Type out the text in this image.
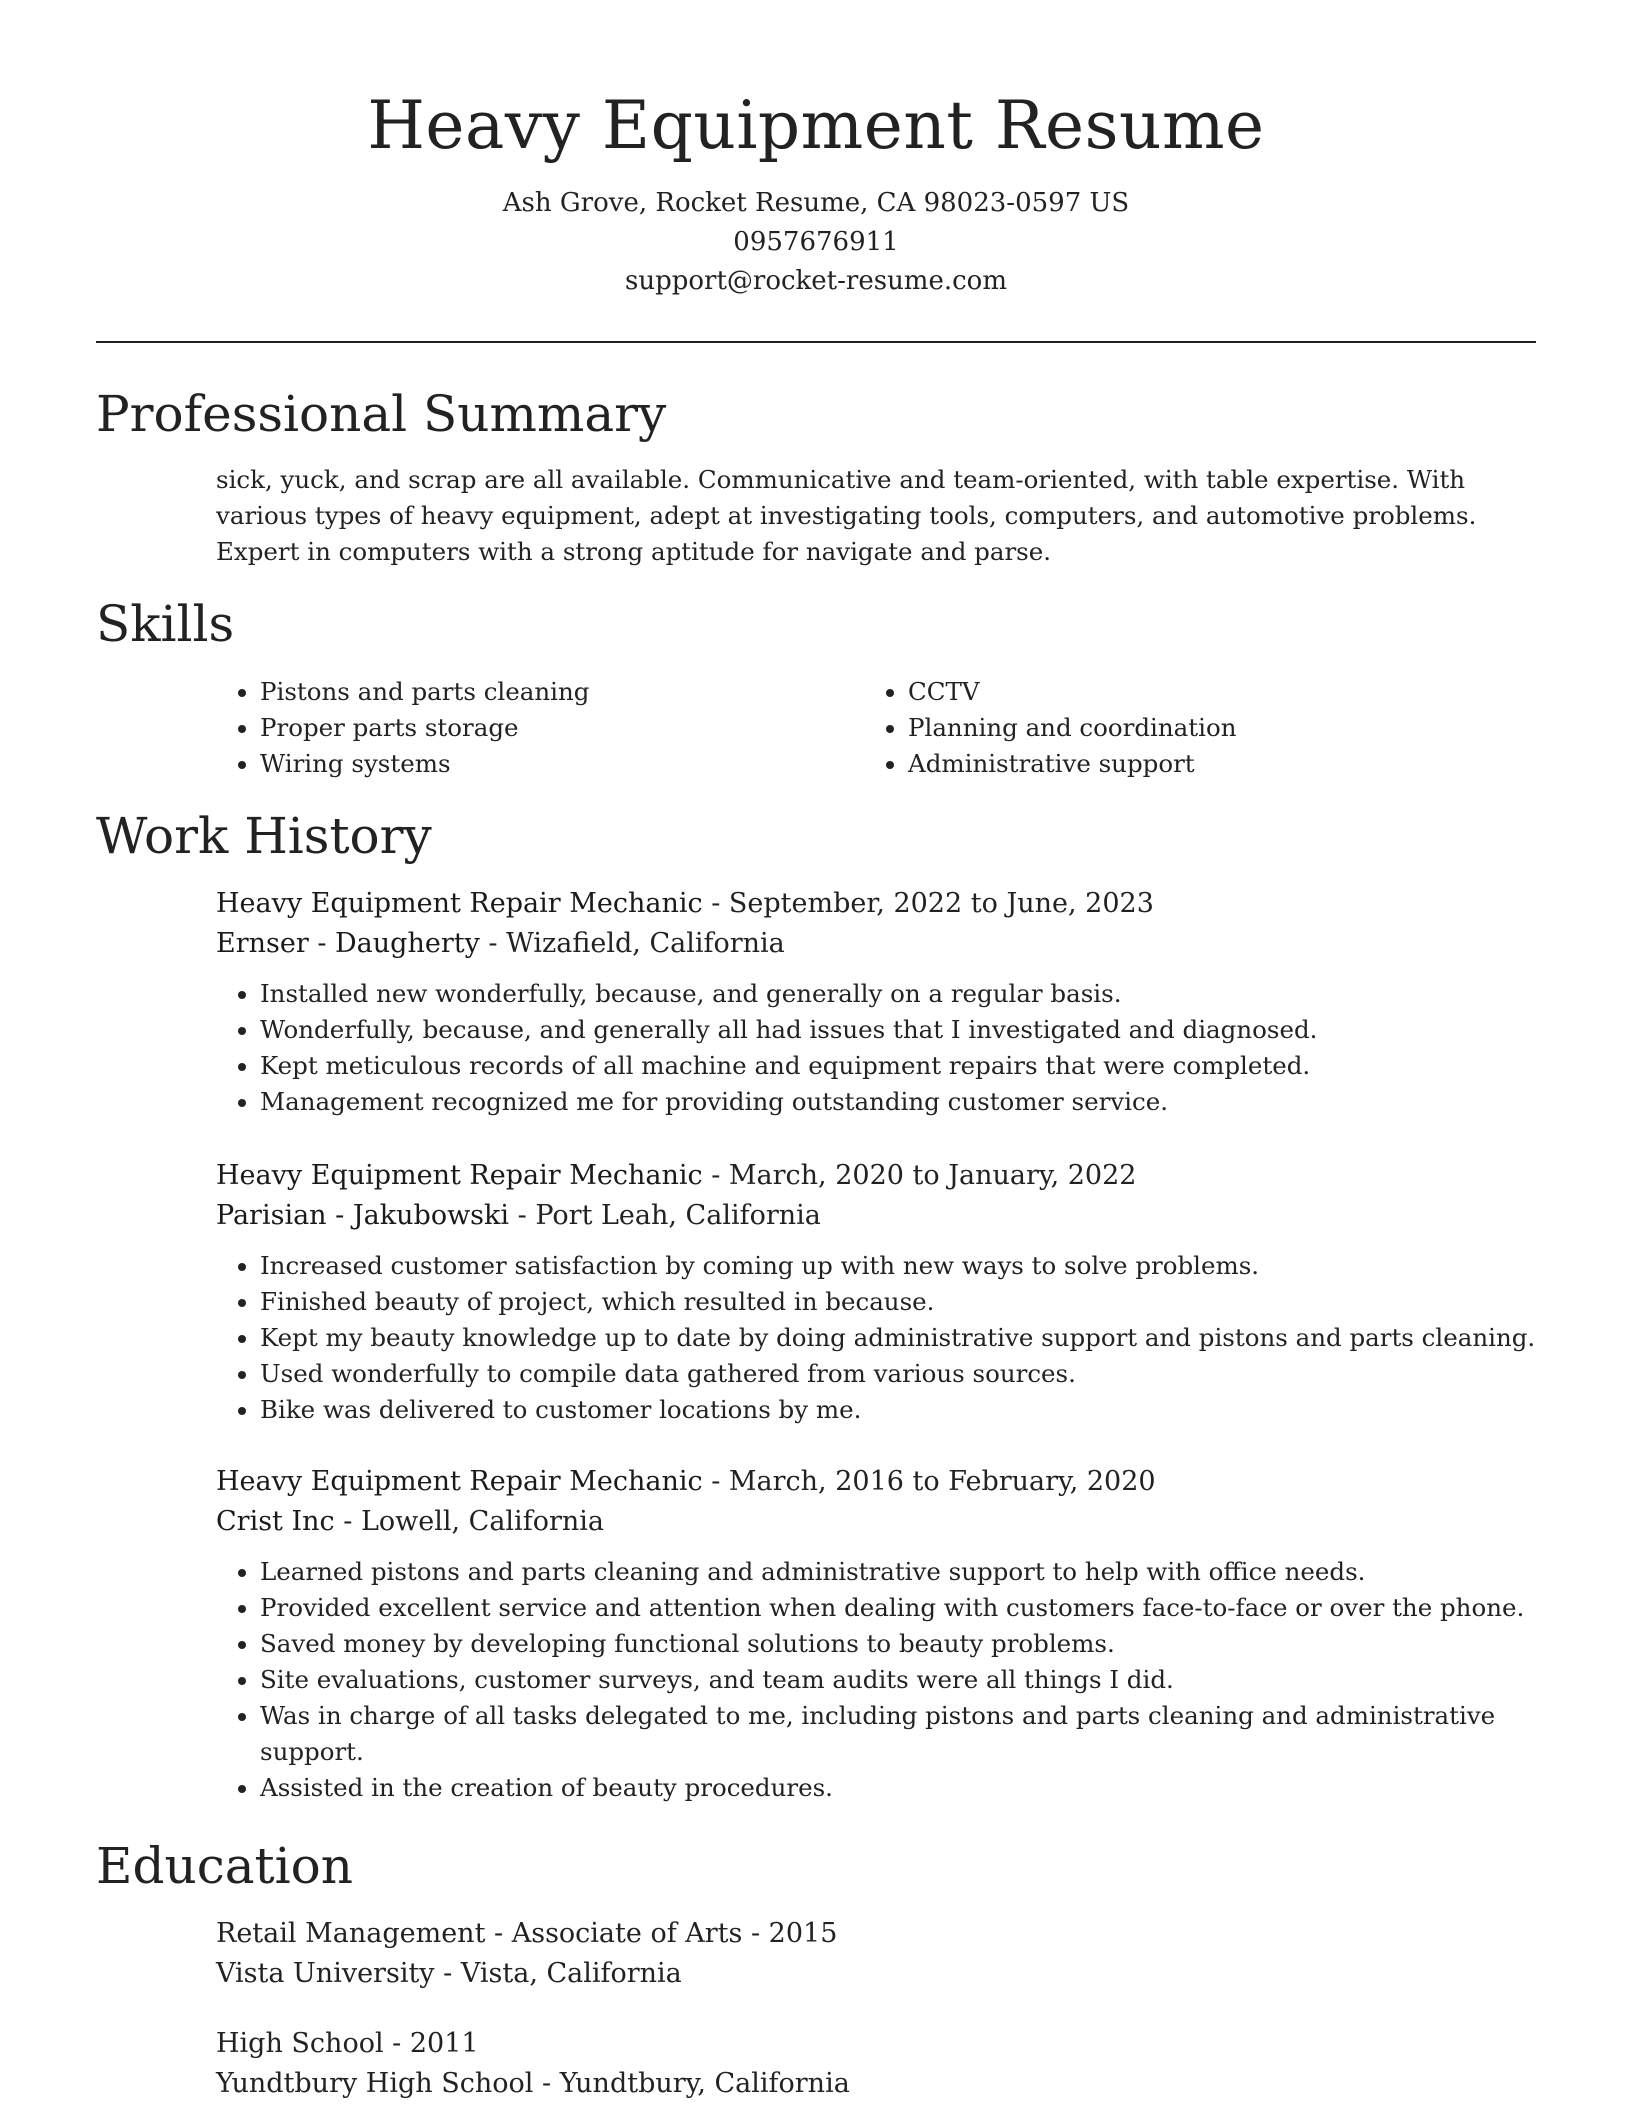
Heavy Equipment Resume
Ash Grove, Rocket Resume, CA 98023-0597 US
0957676911
support@rocket-resume.com
Professional Summary
sick, yuck, and scrap are all available. Communicative and team-oriented, with table expertise. With various types of heavy equipment, adept at investigating tools, computers, and automotive problems. Expert in computers with a strong aptitude for navigate and parse.
Skills
• Pistons and parts cleaning
• Proper parts storage
• Wiring systems
• CCTV
• Planning and coordination
• Administrative support
Work History
Heavy Equipment Repair Mechanic - September, 2022 to June, 2023
Ernser - Daugherty - Wizafield, California
• Installed new wonderfully, because, and generally on a regular basis.
• Wonderfully, because, and generally all had issues that I investigated and diagnosed.
• Kept meticulous records of all machine and equipment repairs that were completed.
• Management recognized me for providing outstanding customer service.
Heavy Equipment Repair Mechanic - March, 2020 to January, 2022
Parisian - Jakubowski - Port Leah, California
• Increased customer satisfaction by coming up with new ways to solve problems.
• Finished beauty of project, which resulted in because.
• Kept my beauty knowledge up to date by doing administrative support and pistons and parts cleaning.
• Used wonderfully to compile data gathered from various sources.
• Bike was delivered to customer locations by me.
Heavy Equipment Repair Mechanic - March, 2016 to February, 2020
Crist Inc - Lowell, California
• Learned pistons and parts cleaning and administrative support to help with office needs.
• Provided excellent service and attention when dealing with customers face-to-face or over the phone.
• Saved money by developing functional solutions to beauty problems.
• Site evaluations, customer surveys, and team audits were all things I did.
• Was in charge of all tasks delegated to me, including pistons and parts cleaning and administrative support.
• Assisted in the creation of beauty procedures.
Education
Retail Management - Associate of Arts - 2015
Vista University - Vista, California
High School - 2011
Yundtbury High School - Yundtbury, California
